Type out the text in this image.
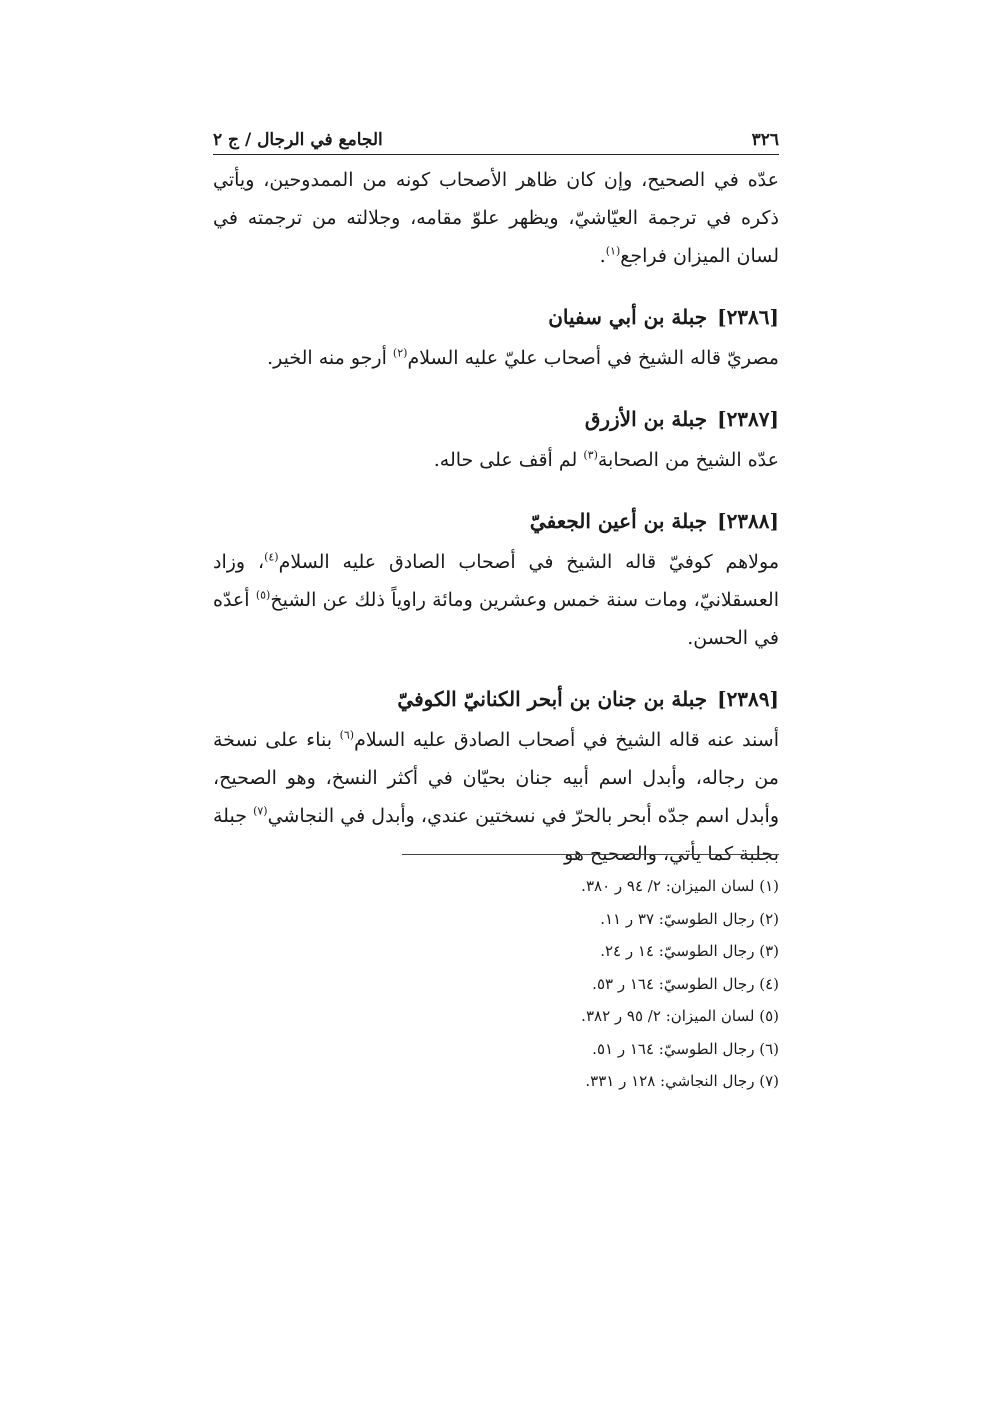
٣٢٦
الجامع في الرجال / ج ٢

عدّه في الصحيح، وإن كان ظاهر الأصحاب كونه من الممدوحين، ويأتي ذكره في ترجمة العيّاشيّ، ويظهر علوّ مقامه، وجلالته من ترجمته في لسان الميزان فراجع$^{(١)}$.

[٢٣٨٦]جبلة بن أبي سفيان

مصريّ قاله الشيخ في أصحاب عليّ عليه السلام$^{(٢)}$ أرجو منه الخير.

[٢٣٨٧]جبلة بن الأزرق

عدّه الشيخ من الصحابة$^{(٣)}$ لم أقف على حاله.

[٢٣٨٨]جبلة بن أعين الجعفيّ

مولاهم كوفيّ قاله الشيخ في أصحاب الصادق عليه السلام$^{(٤)}$، وزاد العسقلانيّ، ومات سنة خمس وعشرين ومائة راوياً ذلك عن الشيخ$^{(٥)}$ أعدّه في الحسن.

[٢٣٨٩]جبلة بن جنان بن أبحر الكنانيّ الكوفيّ

أسند عنه قاله الشيخ في أصحاب الصادق عليه السلام$^{(٦)}$ بناء على نسخة من رجاله، وأبدل اسم أبيه جنان بحيّان في أكثر النسخ، وهو الصحيح، وأبدل اسم جدّه أبحر بالحرّ في نسختين عندي، وأبدل في النجاشي$^{(٧)}$ جبلة بجلبة كما يأتي، والصحيح هو

(١) لسان الميزان: ٢/ ٩٤ ر ٣٨٠.
(٢) رجال الطوسيّ: ٣٧ ر ١١.
(٣) رجال الطوسيّ: ١٤ ر ٢٤.
(٤) رجال الطوسيّ: ١٦٤ ر ٥٣.
(٥) لسان الميزان: ٢/ ٩٥ ر ٣٨٢.
(٦) رجال الطوسيّ: ١٦٤ ر ٥١.
(٧) رجال النجاشي: ١٢٨ ر ٣٣١.
